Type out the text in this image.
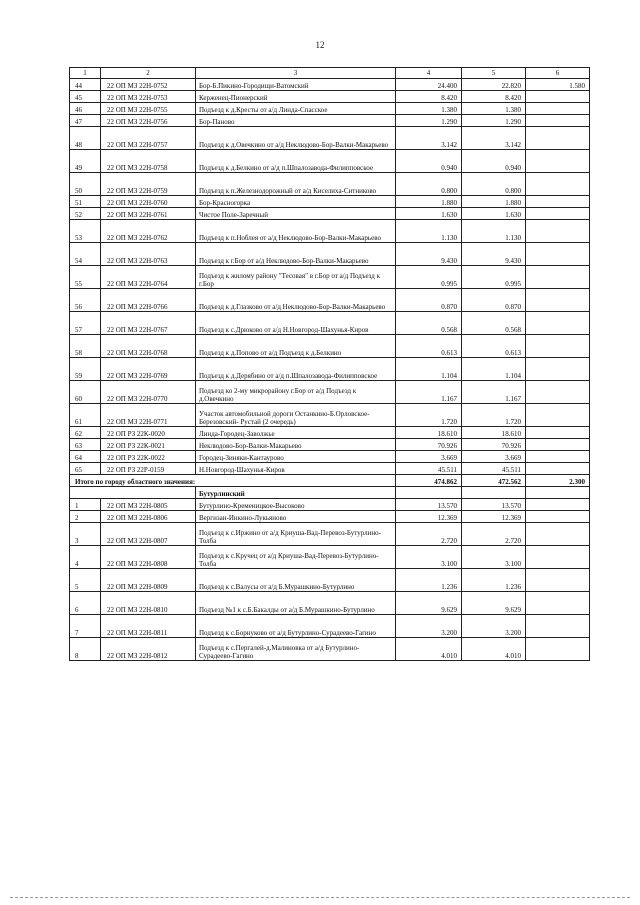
12
1	2	3	4	5	6
44	22 ОП МЗ 22Н-0752	Бор-Б.Пикино-Городищи-Ватомский	24.400	22.820	1.580
45	22 ОП МЗ 22Н-0753	Керженец-Пионерский	8.420	8.420	
46	22 ОП МЗ 22Н-0755	Подъезд к д.Кресты от а/д Линда-Спасское	1.380	1.380	
47	22 ОП МЗ 22Н-0756	Бор-Паново	1.290	1.290	
48	22 ОП МЗ 22Н-0757	Подъезд к д.Овечкино от а/д Неклюдово-Бор-Валки-Макарьево	3.142	3.142	
49	22 ОП МЗ 22Н-0758	Подъезд к д.Белкино от а/д п.Шпалозавода-Филипповское	0.940	0.940	
50	22 ОП МЗ 22Н-0759	Подъезд к п.Железнодорожный от а/д Киселиха-Ситниково	0.800	0.800	
51	22 ОП МЗ 22Н-0760	Бор-Красногорка	1.880	1.880	
52	22 ОП МЗ 22Н-0761	Чистое Поле-Заречный	1.630	1.630	
53	22 ОП МЗ 22Н-0762	Подъезд к п.Ноблея от а/д Неклюдово-Бор-Валки-Макарьево	1.130	1.130	
54	22 ОП МЗ 22Н-0763	Подъезд к г.Бор от а/д Неклюдово-Бор-Валки-Макарьево	9.430	9.430	
55	22 ОП МЗ 22Н-0764	Подъезд к жилому району "Тесовая" в г.Бор от а/д Подъезд к г.Бор	0.995	0.995	
56	22 ОП МЗ 22Н-0766	Подъезд к д.Глазково от а/д Неклюдово-Бор-Валки-Макарьево	0.870	0.870	
57	22 ОП МЗ 22Н-0767	Подъезд к с.Дрюково от а/д Н.Новгород-Шахунья-Киров	0.568	0.568	
58	22 ОП МЗ 22Н-0768	Подъезд к д.Попово от а/д Подъезд к д.Белкино	0.613	0.613	
59	22 ОП МЗ 22Н-0769	Подъезд к д.Дерябино от а/д п.Шпалозавода-Филипповское	1.104	1.104	
60	22 ОП МЗ 22Н-0770	Подъезд ко 2-му микрорайону г.Бор от а/д Подъезд к д.Овечкино	1.167	1.167	
61	22 ОП МЗ 22Н-0771	Участок автомобильной дороги Останкино-Б.Орловское-Березовский- Рустай (2 очередь)	1.720	1.720	
62	22 ОП РЗ 22К-0020	Линда-Городец-Заволжье	18.610	18.610	
63	22 ОП РЗ 22К-0021	Неклюдово-Бор-Валки-Макарьево	70.926	70.926	
64	22 ОП РЗ 22К-0022	Городец-Зиняки-Кантаурово	3.669	3.669	
65	22 ОП РЗ 22Р-0159	Н.Новгород-Шахунья-Киров	45.511	45.511	
Итого по городу областного значения:			474.862	472.562	2.300
		Бутурлинский			
1	22 ОП МЗ 22Н-0805	Бутурлино-Кременицкое-Высоково	13.570	13.570	
2	22 ОП МЗ 22Н-0806	Вергизан-Инкино-Лукьяново	12.369	12.369	
3	22 ОП МЗ 22Н-0807	Подъезд к с.Иржино от а/д Криуша-Вад-Перевоз-Бутурлино-Толба	2.720	2.720	
4	22 ОП МЗ 22Н-0808	Подъезд к с.Кручец от а/д Криуша-Вад-Перевоз-Бутурлино-Толба	3.100	3.100	
5	22 ОП МЗ 22Н-0809	Подъезд к с.Валусы от а/д Б.Мурашкино-Бутурлино	1.236	1.236	
6	22 ОП МЗ 22Н-0810	Подъезд №1 к с.Б.Бакалды от а/д Б.Мурашкино-Бутурлино	9.629	9.629	
7	22 ОП МЗ 22Н-0811	Подъезд к с.Борнуково от а/д Бутурлино-Сурадеево-Гагино	3.200	3.200	
8	22 ОП МЗ 22Н-0812	Подъезд к с.Пергалей-д.Малиновка от а/д Бутурлино-Сурадеево-Гагино	4.010	4.010	
